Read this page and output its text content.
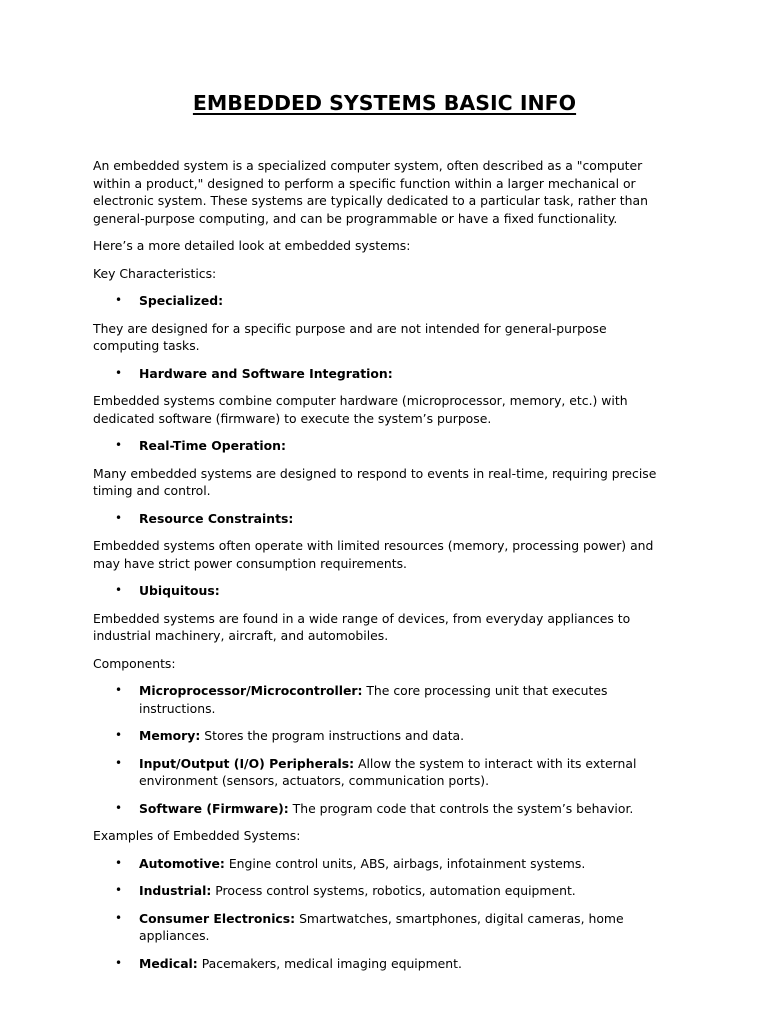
EMBEDDED SYSTEMS BASIC INFO

An embedded system is a specialized computer system, often described as a "computer within a product," designed to perform a specific function within a larger mechanical or electronic system. These systems are typically dedicated to a particular task, rather than general-purpose computing, and can be programmable or have a fixed functionality.

Here’s a more detailed look at embedded systems:

Key Characteristics:

• Specialized:

They are designed for a specific purpose and are not intended for general-purpose computing tasks.

• Hardware and Software Integration:

Embedded systems combine computer hardware (microprocessor, memory, etc.) with dedicated software (firmware) to execute the system’s purpose.

• Real-Time Operation:

Many embedded systems are designed to respond to events in real-time, requiring precise timing and control.

• Resource Constraints:

Embedded systems often operate with limited resources (memory, processing power) and may have strict power consumption requirements.

• Ubiquitous:

Embedded systems are found in a wide range of devices, from everyday appliances to industrial machinery, aircraft, and automobiles.

Components:

• Microprocessor/Microcontroller: The core processing unit that executes instructions.
• Memory: Stores the program instructions and data.
• Input/Output (I/O) Peripherals: Allow the system to interact with its external environment (sensors, actuators, communication ports).
• Software (Firmware): The program code that controls the system’s behavior.

Examples of Embedded Systems:

• Automotive: Engine control units, ABS, airbags, infotainment systems.
• Industrial: Process control systems, robotics, automation equipment.
• Consumer Electronics: Smartwatches, smartphones, digital cameras, home appliances.
• Medical: Pacemakers, medical imaging equipment.
